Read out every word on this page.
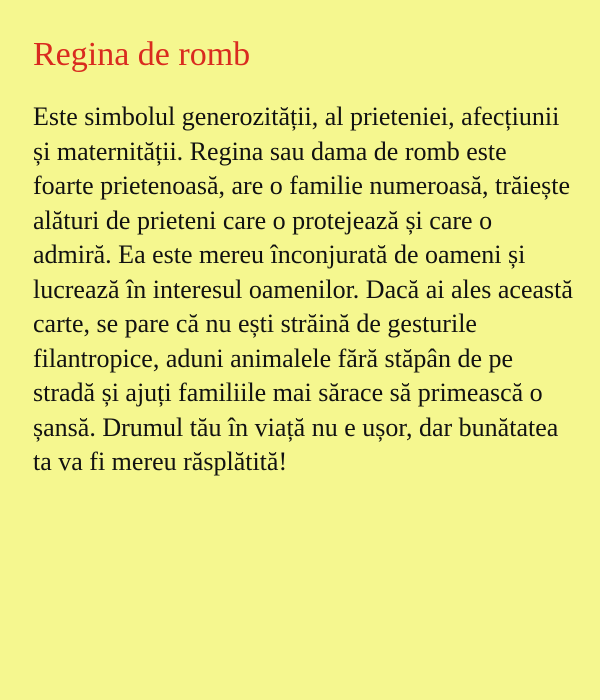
Regina de romb

Este simbolul generozității, al prieteniei, afecțiunii și maternității. Regina sau dama de romb este foarte prietenoasă, are o familie numeroasă, trăiește alături de prieteni care o protejează și care o admiră. Ea este mereu înconjurată de oameni și lucrează în interesul oamenilor. Dacă ai ales această carte, se pare că nu ești străină de gesturile filantropice, aduni animalele fără stăpân de pe stradă și ajuți familiile mai sărace să primească o șansă. Drumul tău în viață nu e ușor, dar bunătatea ta va fi mereu răsplătită!
